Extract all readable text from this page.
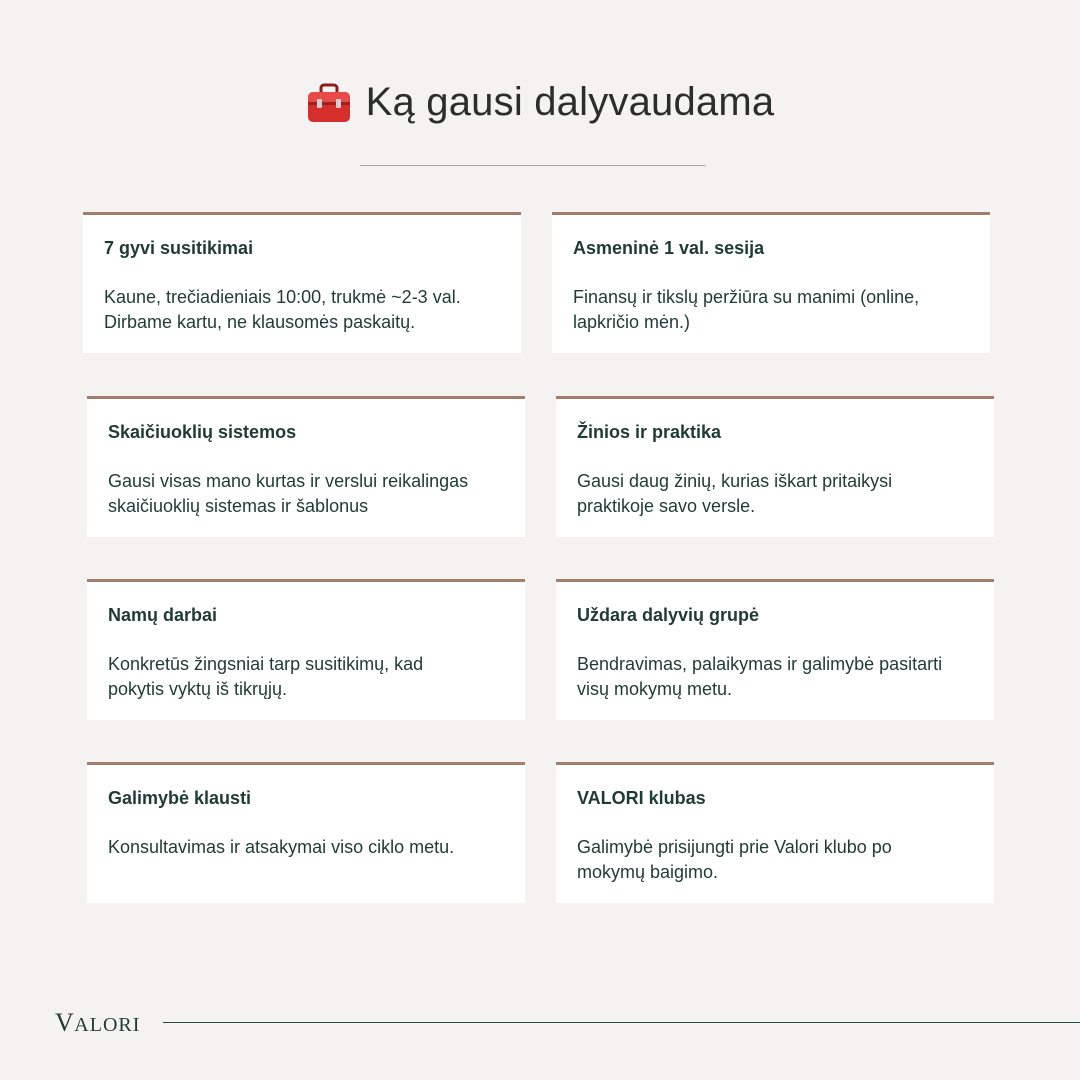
Ką gausi dalyvaudama
7 gyvi susitikimai
Kaune, trečiadieniais 10:00, trukmė ~2-3 val.
Dirbame kartu, ne klausomės paskaitų.
Asmeninė 1 val. sesija
Finansų ir tikslų peržiūra su manimi (online,
lapkričio mėn.)
Skaičiuoklių sistemos
Gausi visas mano kurtas ir verslui reikalingas
skaičiuoklių sistemas ir šablonus
Žinios ir praktika
Gausi daug žinių, kurias iškart pritaikysi
praktikoje savo versle.
Namų darbai
Konkretūs žingsniai tarp susitikimų, kad
pokytis vyktų iš tikrųjų.
Uždara dalyvių grupė
Bendravimas, palaikymas ir galimybė pasitarti
visų mokymų metu.
Galimybė klausti
Konsultavimas ir atsakymai viso ciklo metu.
VALORI klubas
Galimybė prisijungti prie Valori klubo po
mokymų baigimo.
VALORI
